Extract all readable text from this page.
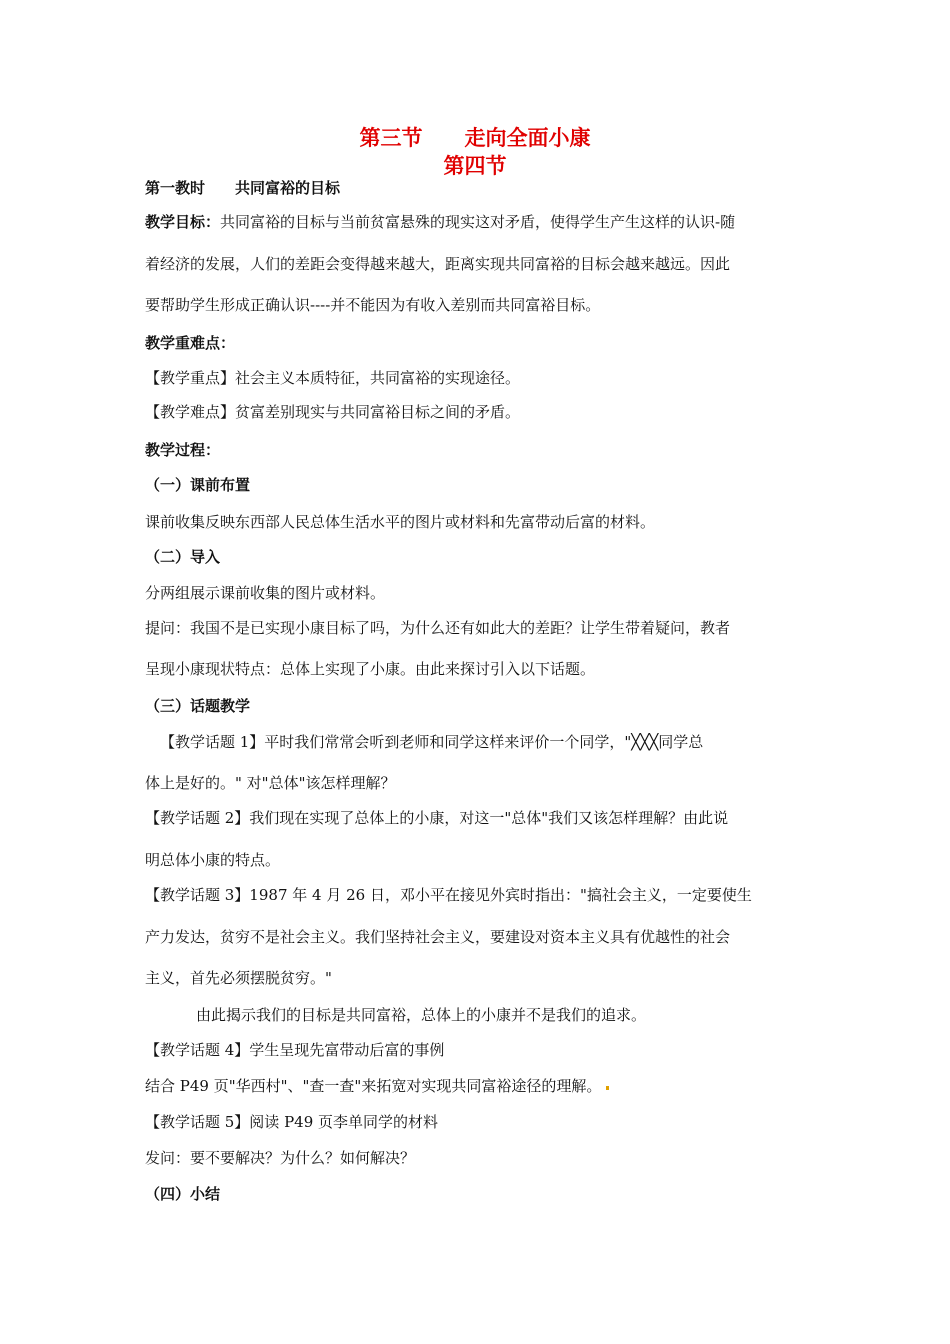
第三节　　走向全面小康
第四节
第一教时　　共同富裕的目标
教学目标：共同富裕的目标与当前贫富悬殊的现实这对矛盾，使得学生产生这样的认识-随
着经济的发展，人们的差距会变得越来越大，距离实现共同富裕的目标会越来越远。因此
要帮助学生形成正确认识----并不能因为有收入差别而共同富裕目标。
教学重难点：
【教学重点】社会主义本质特征，共同富裕的实现途径。
【教学难点】贫富差别现实与共同富裕目标之间的矛盾。
教学过程：
（一）课前布置
课前收集反映东西部人民总体生活水平的图片或材料和先富带动后富的材料。
（二）导入
分两组展示课前收集的图片或材料。
提问：我国不是已实现小康目标了吗，为什么还有如此大的差距？让学生带着疑问，教者
呈现小康现状特点：总体上实现了小康。由此来探讨引入以下话题。
（三）话题教学
【教学话题 1】平时我们常常会听到老师和同学这样来评价一个同学，"╳╳╳同学总
体上是好的。" 对"总体"该怎样理解？
【教学话题 2】我们现在实现了总体上的小康，对这一"总体"我们又该怎样理解？由此说
明总体小康的特点。
【教学话题 3】1987 年 4 月 26 日，邓小平在接见外宾时指出："搞社会主义，一定要使生
产力发达，贫穷不是社会主义。我们坚持社会主义，要建设对资本主义具有优越性的社会
主义，首先必须摆脱贫穷。"
由此揭示我们的目标是共同富裕，总体上的小康并不是我们的追求。
【教学话题 4】学生呈现先富带动后富的事例
结合 P49 页"华西村"、"查一查"来拓宽对实现共同富裕途径的理解。
【教学话题 5】阅读 P49 页李单同学的材料
发问：要不要解决？为什么？如何解决？
（四）小结
